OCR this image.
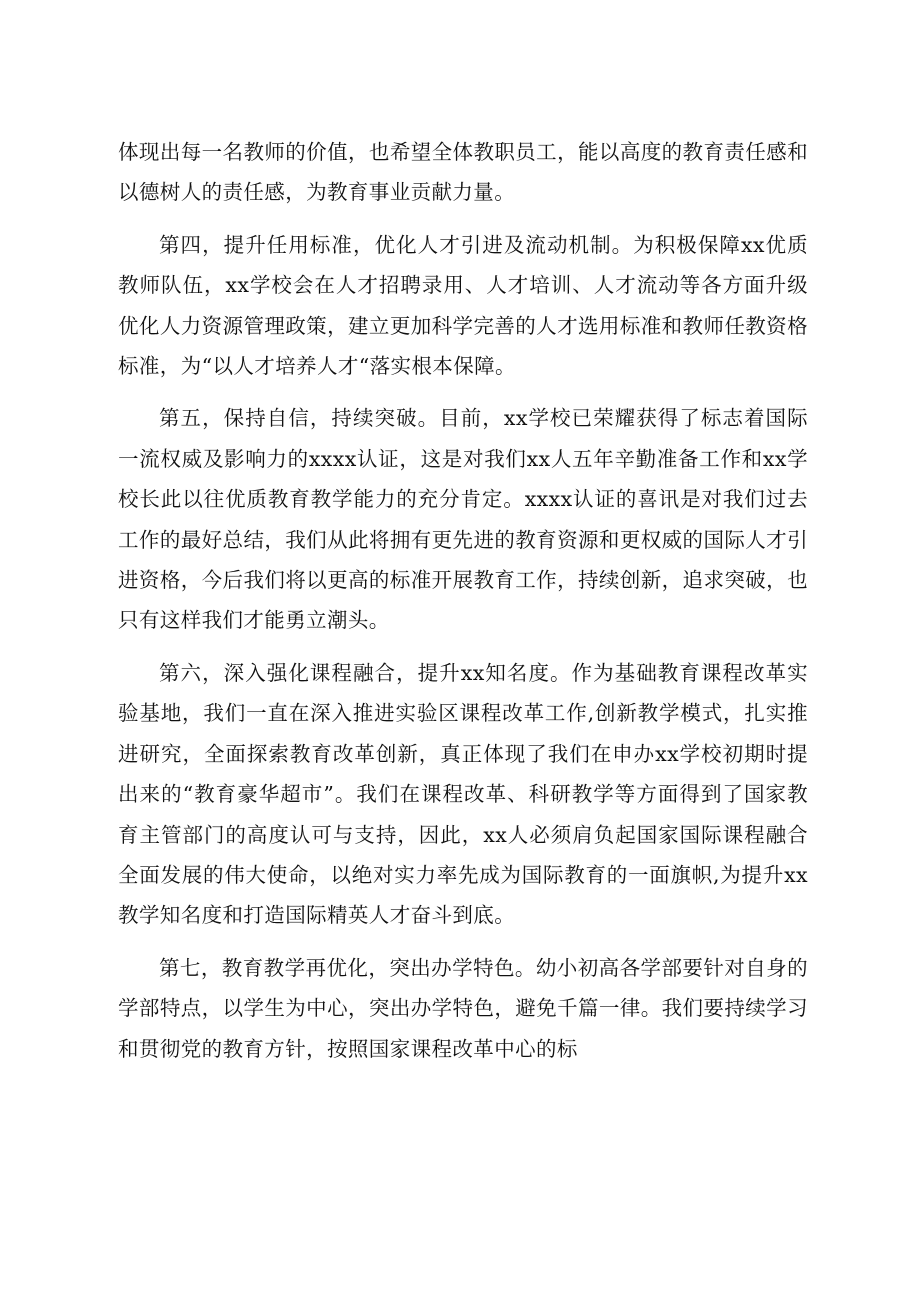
体现出每一名教师的价值，也希望全体教职员工，能以高度的教育责任感和以德树人的责任感，为教育事业贡献力量。

第四，提升任用标准，优化人才引进及流动机制。为积极保障xx优质教师队伍，xx学校会在人才招聘录用、人才培训、人才流动等各方面升级优化人力资源管理政策，建立更加科学完善的人才选用标准和教师任教资格标准，为“以人才培养人才“落实根本保障。

第五，保持自信，持续突破。目前，xx学校已荣耀获得了标志着国际一流权威及影响力的xxxx认证，这是对我们xx人五年辛勤准备工作和xx学校长此以往优质教育教学能力的充分肯定。xxxx认证的喜讯是对我们过去工作的最好总结，我们从此将拥有更先进的教育资源和更权威的国际人才引进资格，今后我们将以更高的标准开展教育工作，持续创新，追求突破，也只有这样我们才能勇立潮头。

第六，深入强化课程融合，提升xx知名度。作为基础教育课程改革实验基地，我们一直在深入推进实验区课程改革工作,创新教学模式，扎实推进研究，全面探索教育改革创新，真正体现了我们在申办xx学校初期时提出来的“教育豪华超市”。我们在课程改革、科研教学等方面得到了国家教育主管部门的高度认可与支持，因此，xx人必须肩负起国家国际课程融合全面发展的伟大使命，以绝对实力率先成为国际教育的一面旗帜,为提升xx教学知名度和打造国际精英人才奋斗到底。

第七，教育教学再优化，突出办学特色。幼小初高各学部要针对自身的学部特点，以学生为中心，突出办学特色，避免千篇一律。我们要持续学习和贯彻党的教育方针，按照国家课程改革中心的标
